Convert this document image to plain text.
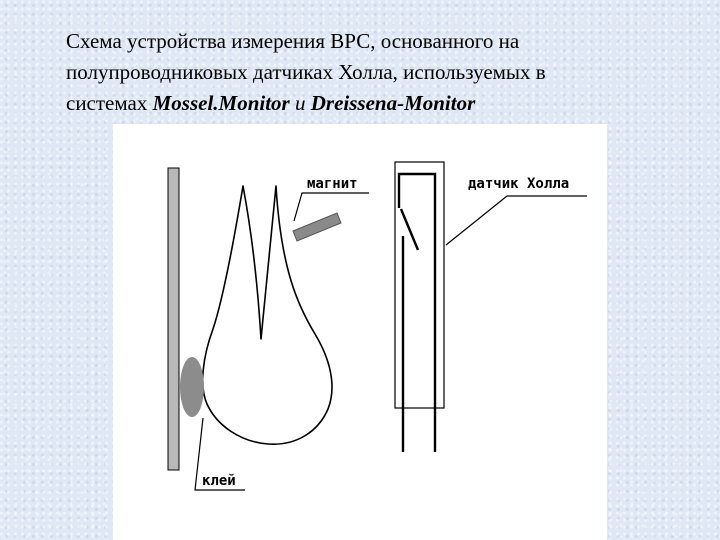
Схема устройства измерения ВРС, основанного на
полупроводниковых датчиках Холла, используемых в
системах Mossel.Monitor и Dreissena-Monitor
магнит	датчик Холла
клей
